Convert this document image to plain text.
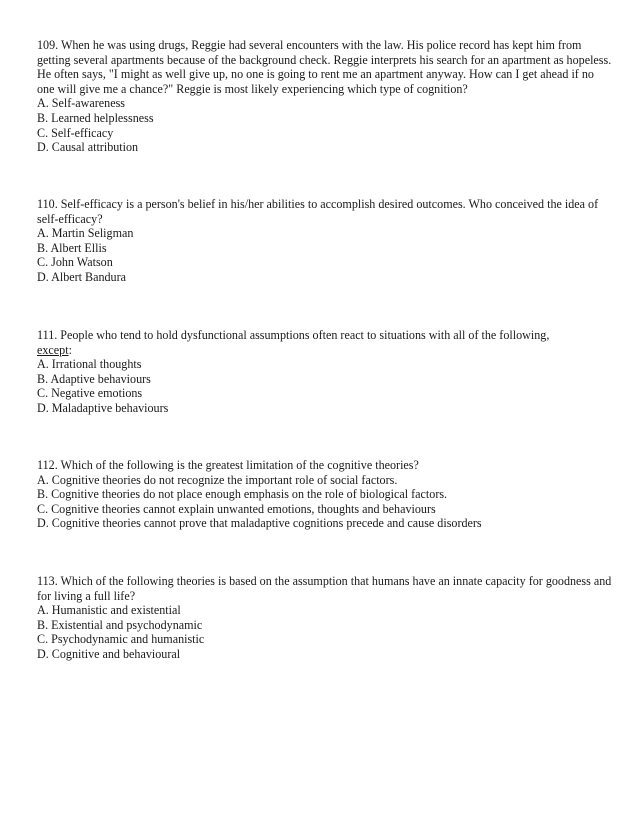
109. When he was using drugs, Reggie had several encounters with the law. His police record has kept him from getting several apartments because of the background check. Reggie interprets his search for an apartment as hopeless. He often says, "I might as well give up, no one is going to rent me an apartment anyway. How can I get ahead if no one will give me a chance?" Reggie is most likely experiencing which type of cognition?

A. Self-awareness
B. Learned helplessness
C. Self-efficacy
D. Causal attribution

110. Self-efficacy is a person's belief in his/her abilities to accomplish desired outcomes. Who conceived the idea of self-efficacy?

A. Martin Seligman
B. Albert Ellis
C. John Watson
D. Albert Bandura

111. People who tend to hold dysfunctional assumptions often react to situations with all of the following,
except:

A. Irrational thoughts
B. Adaptive behaviours
C. Negative emotions
D. Maladaptive behaviours

112. Which of the following is the greatest limitation of the cognitive theories?

A. Cognitive theories do not recognize the important role of social factors.
B. Cognitive theories do not place enough emphasis on the role of biological factors.
C. Cognitive theories cannot explain unwanted emotions, thoughts and behaviours
D. Cognitive theories cannot prove that maladaptive cognitions precede and cause disorders

113. Which of the following theories is based on the assumption that humans have an innate capacity for goodness and for living a full life?

A. Humanistic and existential
B. Existential and psychodynamic
C. Psychodynamic and humanistic
D. Cognitive and behavioural
